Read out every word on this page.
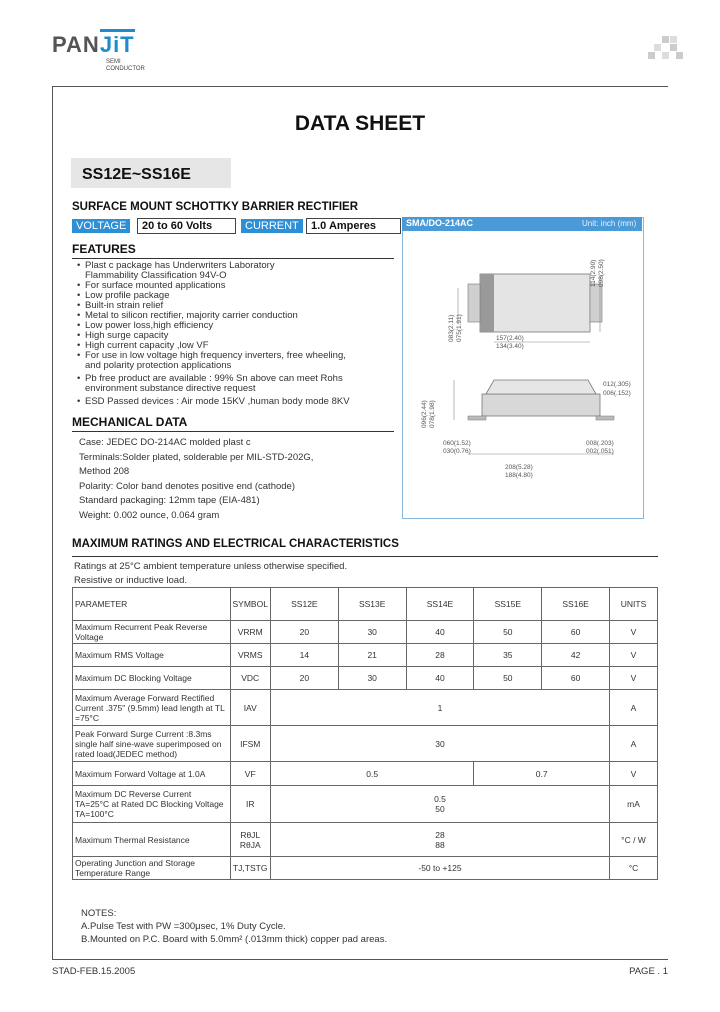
PANJiT
SEMI
CONDUCTOR
DATA SHEET
SS12E~SS16E
SURFACE MOUNT SCHOTTKY BARRIER RECTIFIER
VOLTAGE	20 to 60 Volts	CURRENT	1.0 Amperes
FEATURES
• Plast c package has Underwriters Laboratory
Flammability Classification 94V-O
• For surface mounted applications
• Low profile package
• Built-in strain relief
• Metal to silicon rectifier, majority carrier conduction
• Low power loss,high efficiency
• High surge capacity
• High current capacity ,low VF
• For use in low voltage high frequency inverters, free wheeling,
and polarity protection applications
• Pb free product are available : 99% Sn above can meet Rohs
environment substance directive request
• ESD Passed devices : Air mode 15KV ,human body mode 8KV
MECHANICAL DATA
Case: JEDEC DO-214AC molded plast c
Terminals:Solder plated, solderable per MIL-STD-202G,
Method 208
Polarity: Color band denotes positive end (cathode)
Standard packaging: 12mm tape (EIA-481)
Weight: 0.002 ounce, 0.064 gram
SMA/DO-214AC	Unit: inch (mm)
157(2.40)
134(3.40)
114(2.90) 098(2.50)
083(2.11) 075(1.91)
012(.305)
006(.152)
096(2.44) 078(1.98)
060(1.52)
030(0.76)
008(.203)
002(.051)
208(5.28)
188(4.80)
MAXIMUM RATINGS AND ELECTRICAL CHARACTERISTICS
Ratings at 25°C ambient temperature unless otherwise specified.
Resistive or inductive load.
PARAMETER	SYMBOL	SS12E	SS13E	SS14E	SS15E	SS16E	UNITS
Maximum Recurrent Peak Reverse Voltage	VRRM	20	30	40	50	60	V
Maximum RMS Voltage	VRMS	14	21	28	35	42	V
Maximum DC Blocking Voltage	VDC	20	30	40	50	60	V
Maximum Average Forward Rectified Current .375" (9.5mm) lead length at TL =75°C	IAV	1					A
Peak Forward Surge Current :8.3ms single half sine-wave superimposed on rated load(JEDEC method)	IFSM	30					A
Maximum Forward Voltage at 1.0A	VF	0.5			0.7		V
Maximum DC Reverse Current TA=25°C at Rated DC Blocking Voltage TA=100°C	IR	0.5
50					mA
Maximum Thermal Resistance	RθJL RθJA	28
88					°C / W
Operating Junction and Storage Temperature Range	TJ,TSTG	-50 to +125					°C
NOTES:
A.Pulse Test with PW =300μsec, 1% Duty Cycle.
B.Mounted on P.C. Board with 5.0mm² (.013mm thick) copper pad areas.
STAD-FEB.15.2005	PAGE . 1
